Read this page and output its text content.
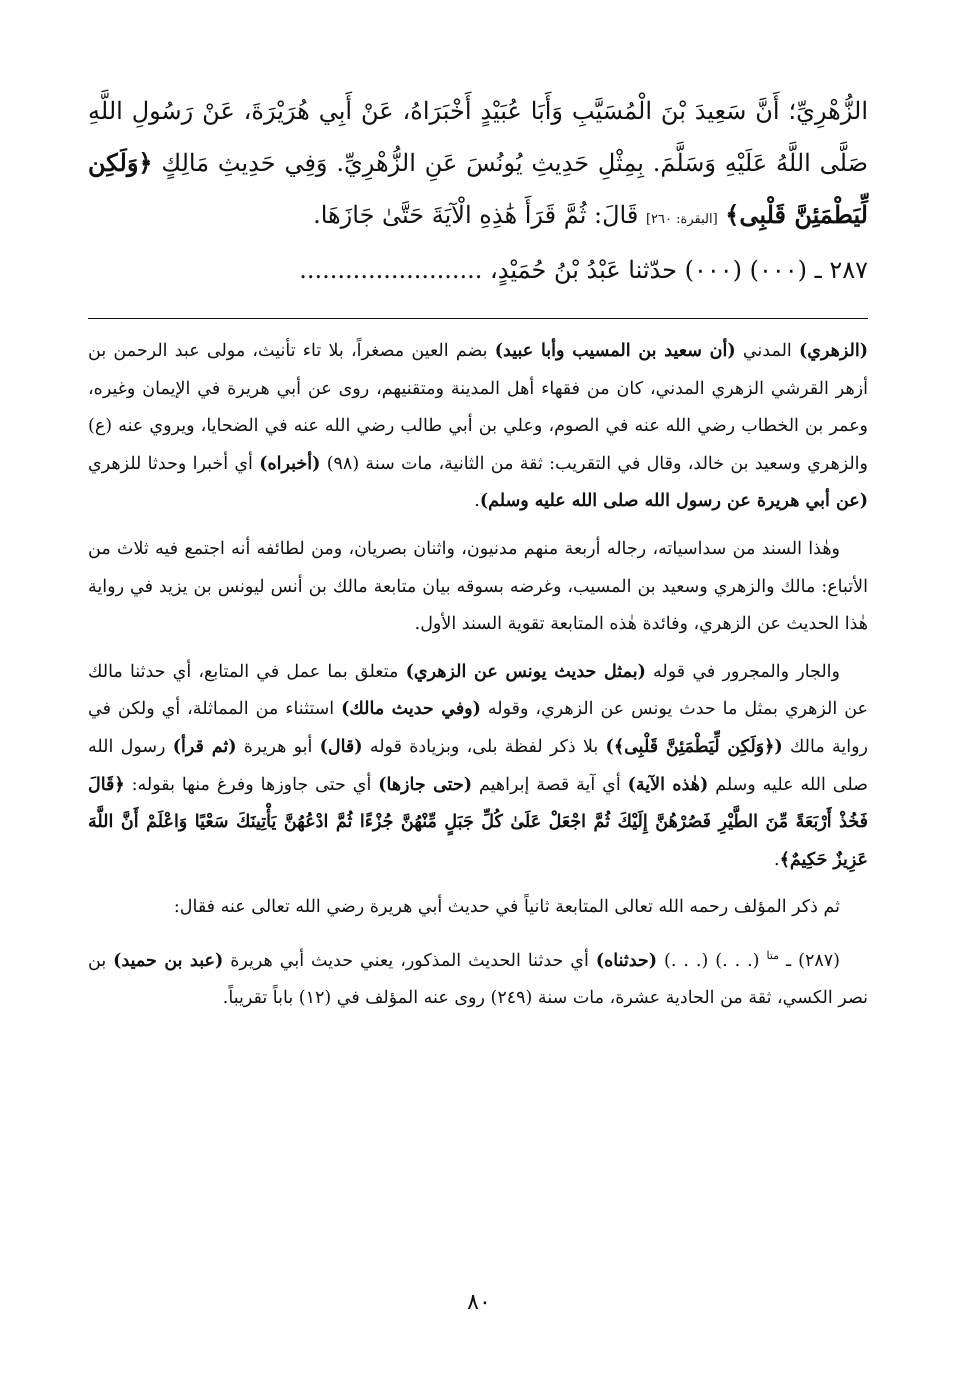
الزُّهْرِيِّ؛ أَنَّ سَعِيدَ بْنَ الْمُسَيَّبِ وَأَبَا عُبَيْدٍ أَخْبَرَاهُ، عَنْ أَبِي هُرَيْرَةَ، عَنْ رَسُولِ اللَّهِ صَلَّى اللَّهُ عَلَيْهِ وَسَلَّمَ. بِمِثْلِ حَدِيثِ يُونُسَ عَنِ الزُّهْرِيِّ. وَفِي حَدِيثِ مَالِكٍ ﴿وَلَكِن لِّيَطْمَئِنَّ قَلْبِى﴾ [البقرة: ٢٦٠] قَالَ: ثُمَّ قَرَأَ هَٰذِهِ الْآيَةَ حَتَّىٰ جَازَهَا.

٢٨٧ ـ (٠٠٠) (٠٠٠) حدّثنا عَبْدُ بْنُ حُمَيْدٍ، ........................

(الزهري) المدني (أن سعيد بن المسيب وأبا عبيد) بضم العين مصغراً، بلا تاء تأنيث، مولى عبد الرحمن بن أزهر القرشي الزهري المدني، كان من فقهاء أهل المدينة ومتقنيهم، روى عن أبي هريرة في الإيمان وغيره، وعمر بن الخطاب رضي الله عنه في الصوم، وعلي بن أبي طالب رضي الله عنه في الضحايا، ويروي عنه (ع) والزهري وسعيد بن خالد، وقال في التقريب: ثقة من الثانية، مات سنة (٩٨) (أخبراه) أي أخبرا وحدثا للزهري (عن أبي هريرة عن رسول الله صلى الله عليه وسلم).

وهٰذا السند من سداسياته، رجاله أربعة منهم مدنيون، واثنان بصريان، ومن لطائفه أنه اجتمع فيه ثلاث من الأتباع: مالك والزهري وسعيد بن المسيب، وغرضه بسوقه بيان متابعة مالك بن أنس ليونس بن يزيد في رواية هٰذا الحديث عن الزهري، وفائدة هٰذه المتابعة تقوية السند الأول.

والجار والمجرور في قوله (بمثل حديث يونس عن الزهري) متعلق بما عمل في المتابع، أي حدثنا مالك عن الزهري بمثل ما حدث يونس عن الزهري، وقوله (وفي حديث مالك) استثناء من المماثلة، أي ولكن في رواية مالك (﴿وَلَكِن لِّيَطْمَئِنَّ قَلْبِى﴾) بلا ذكر لفظة بلى، وبزيادة قوله (قال) أبو هريرة (ثم قرأ) رسول الله صلى الله عليه وسلم (هٰذه الآية) أي آية قصة إبراهيم (حتى جازها) أي حتى جاوزها وفرغ منها بقوله: ﴿قَالَ فَخُذْ أَرْبَعَةً مِّنَ الطَّيْرِ فَصُرْهُنَّ إِلَيْكَ ثُمَّ اجْعَلْ عَلَىٰ كُلِّ جَبَلٍ مِّنْهُنَّ جُزْءًا ثُمَّ ادْعُهُنَّ يَأْتِينَكَ سَعْيًا وَاعْلَمْ أَنَّ اللَّهَ عَزِيزٌ حَكِيمٌ﴾.

ثم ذكر المؤلف رحمه الله تعالى المتابعة ثانياً في حديث أبي هريرة رضي الله تعالى عنه فقال:

(٢٨٧) ـ $^{متا}$ (. . .) (. . .) (حدثناه) أي حدثنا الحديث المذكور، يعني حديث أبي هريرة (عبد بن حميد) بن نصر الكسي، ثقة من الحادية عشرة، مات سنة (٢٤٩) روى عنه المؤلف في (١٢) باباً تقريباً.

٨٠
